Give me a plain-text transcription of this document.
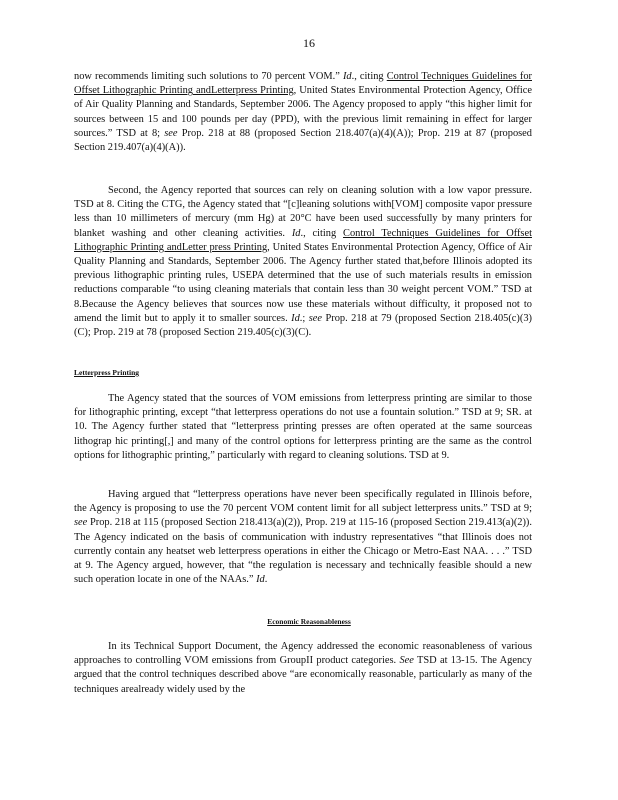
16

now recommends limiting such solutions to 70 percent VOM.” Id., citing Control Techniques Guidelines for Offset Lithographic Printing andLetterpress Printing, United States Environmental Protection Agency, Office of Air Quality Planning and Standards, September 2006. The Agency proposed to apply “this higher limit for sources between 15 and 100 pounds per day (PPD), with the previous limit remaining in effect for larger sources.” TSD at 8; see Prop. 218 at 88 (proposed Section 218.407(a)(4)(A)); Prop. 219 at 87 (proposed Section 219.407(a)(4)(A)).

Second, the Agency reported that sources can rely on cleaning solution with a low vapor pressure. TSD at 8. Citing the CTG, the Agency stated that “[c]leaning solutions with[VOM] composite vapor pressure less than 10 millimeters of mercury (mm Hg) at 20°C have been used successfully by many printers for blanket washing and other cleaning activities. Id., citing Control Techniques Guidelines for Offset Lithographic Printing andLetter press Printing, United States Environmental Protection Agency, Office of Air Quality Planning and Standards, September 2006. The Agency further stated that,before Illinois adopted its previous lithographic printing rules, USEPA determined that the use of such materials results in emission reductions comparable “to using cleaning materials that contain less than 30 weight percent VOM.” TSD at 8.Because the Agency believes that sources now use these materials without difficulty, it proposed not to amend the limit but to apply it to smaller sources. Id.; see Prop. 218 at 79 (proposed Section 218.405(c)(3)(C); Prop. 219 at 78 (proposed Section 219.405(c)(3)(C).

Letterpress Printing

The Agency stated that the sources of VOM emissions from letterpress printing are similar to those for lithographic printing, except “that letterpress operations do not use a fountain solution.” TSD at 9; SR. at 10. The Agency further stated that “letterpress printing presses are often operated at the same sourceas lithograp hic printing[,] and many of the control options for letterpress printing are the same as the control options for lithographic printing,” particularly with regard to cleaning solutions. TSD at 9.

Having argued that “letterpress operations have never been specifically regulated in Illinois before, the Agency is proposing to use the 70 percent VOM content limit for all subject letterpress units.” TSD at 9; see Prop. 218 at 115 (proposed Section 218.413(a)(2)), Prop. 219 at 115-16 (proposed Section 219.413(a)(2)). The Agency indicated on the basis of communication with industry representatives “that Illinois does not currently contain any heatset web letterpress operations in either the Chicago or Metro-East NAA. . . .” TSD at 9. The Agency argued, however, that “the regulation is necessary and technically feasible should a new such operation locate in one of the NAAs.” Id.

Economic Reasonableness

In its Technical Support Document, the Agency addressed the economic reasonableness of various approaches to controlling VOM emissions from GroupII product categories. See TSD at 13-15. The Agency argued that the control techniques described above “are economically reasonable, particularly as many of the techniques arealready widely used by the
